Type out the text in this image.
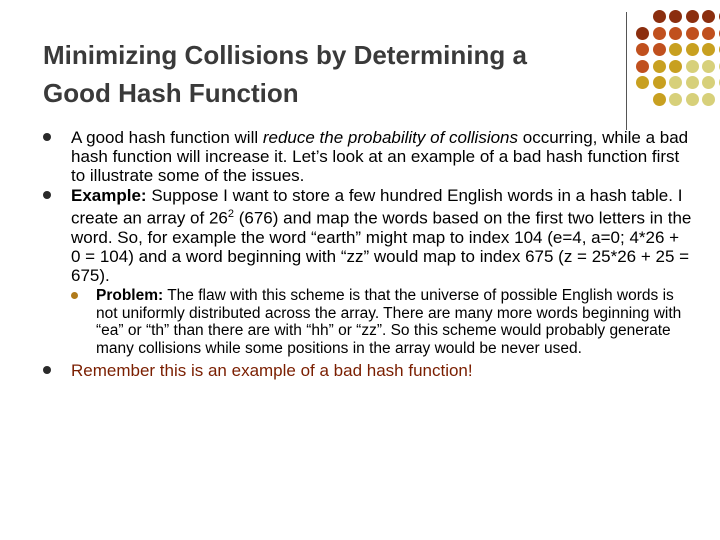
Minimizing Collisions by Determining a
Good Hash Function
A good hash function will reduce the probability of collisions occurring, while a bad hash function will increase it. Let’s look at an example of a bad hash function first to illustrate some of the issues.
Example: Suppose I want to store a few hundred English words in a hash table. I create an array of $26^2$ (676) and map the words based on the first two letters in the word. So, for example the word “earth” might map to index 104 (e=4, a=0; 4*26 + 0 = 104) and a word beginning with “zz” would map to index 675 (z = 25*26 + 25 = 675).
Problem: The flaw with this scheme is that the universe of possible English words is not uniformly distributed across the array. There are many more words beginning with “ea” or “th” than there are with “hh” or “zz”. So this scheme would probably generate many collisions while some positions in the array would be never used.
Remember this is an example of a bad hash function!
